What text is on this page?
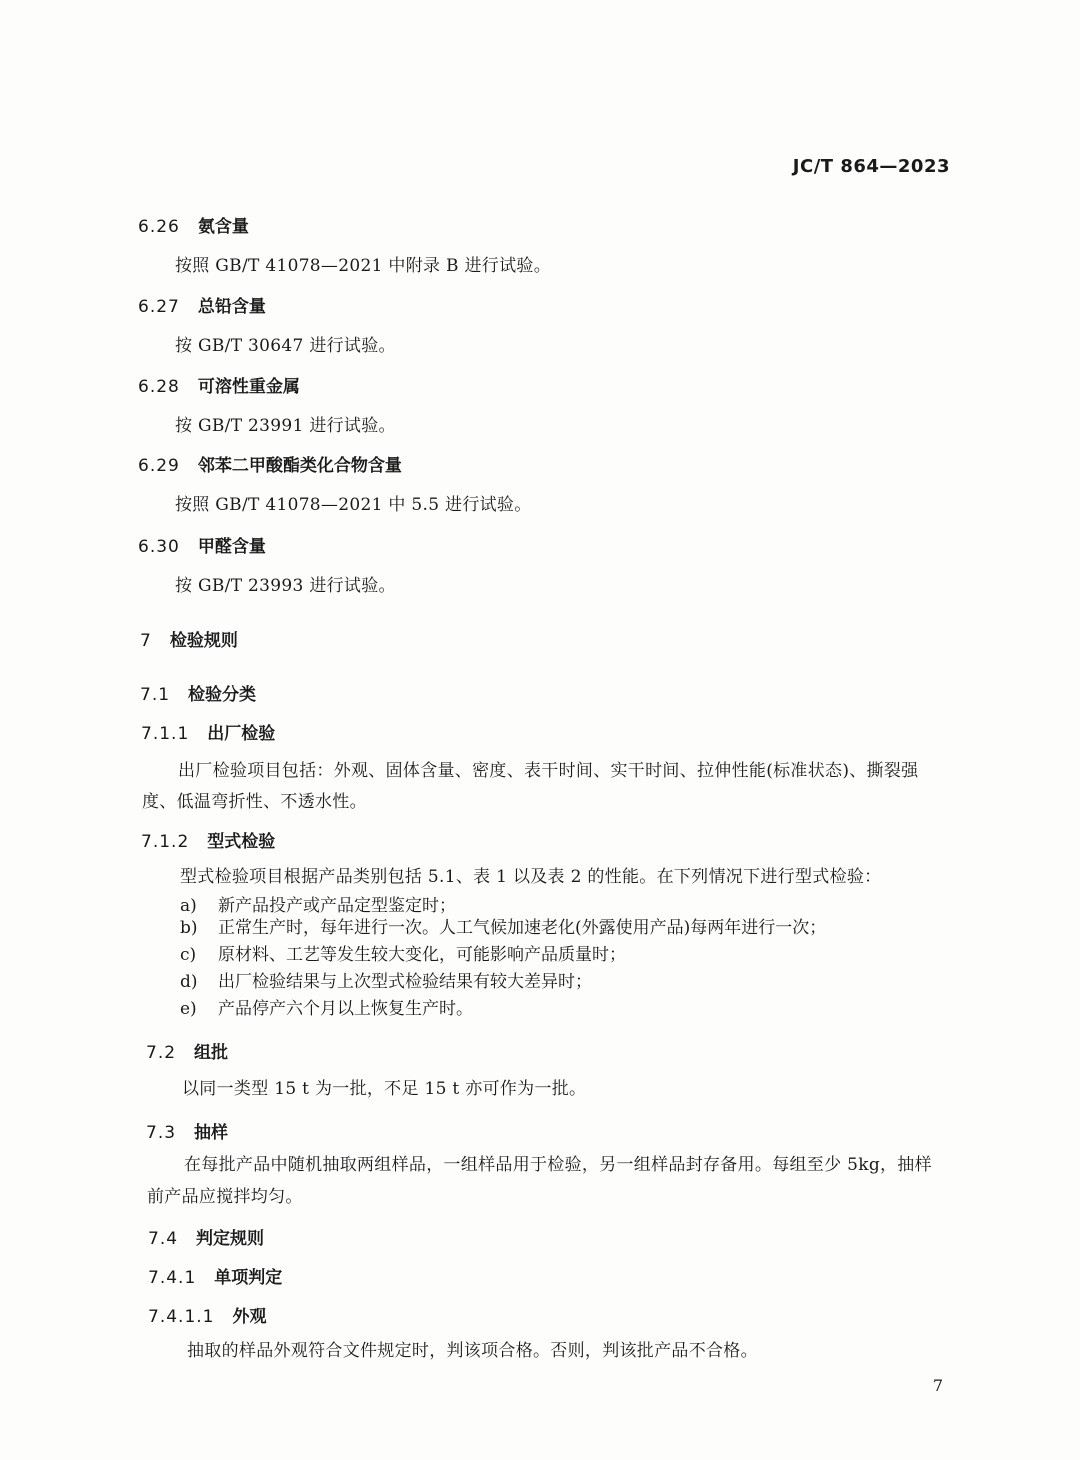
JC/T 864—2023
6.26 氨含量
按照 GB/T 41078—2021 中附录 B 进行试验。
6.27 总铅含量
按 GB/T 30647 进行试验。
6.28 可溶性重金属
按 GB/T 23991 进行试验。
6.29 邻苯二甲酸酯类化合物含量
按照 GB/T 41078—2021 中 5.5 进行试验。
6.30 甲醛含量
按 GB/T 23993 进行试验。
7 检验规则
7.1 检验分类
7.1.1 出厂检验
出厂检验项目包括：外观、固体含量、密度、表干时间、实干时间、拉伸性能(标准状态)、撕裂强
度、低温弯折性、不透水性。
7.1.2 型式检验
型式检验项目根据产品类别包括 5.1、表 1 以及表 2 的性能。在下列情况下进行型式检验：
a) 新产品投产或产品定型鉴定时；
b) 正常生产时，每年进行一次。人工气候加速老化(外露使用产品)每两年进行一次；
c) 原材料、工艺等发生较大变化，可能影响产品质量时；
d) 出厂检验结果与上次型式检验结果有较大差异时；
e) 产品停产六个月以上恢复生产时。
7.2 组批
以同一类型 15 t 为一批，不足 15 t 亦可作为一批。
7.3 抽样
在每批产品中随机抽取两组样品，一组样品用于检验，另一组样品封存备用。每组至少 5kg，抽样
前产品应搅拌均匀。
7.4 判定规则
7.4.1 单项判定
7.4.1.1 外观
抽取的样品外观符合文件规定时，判该项合格。否则，判该批产品不合格。
7
